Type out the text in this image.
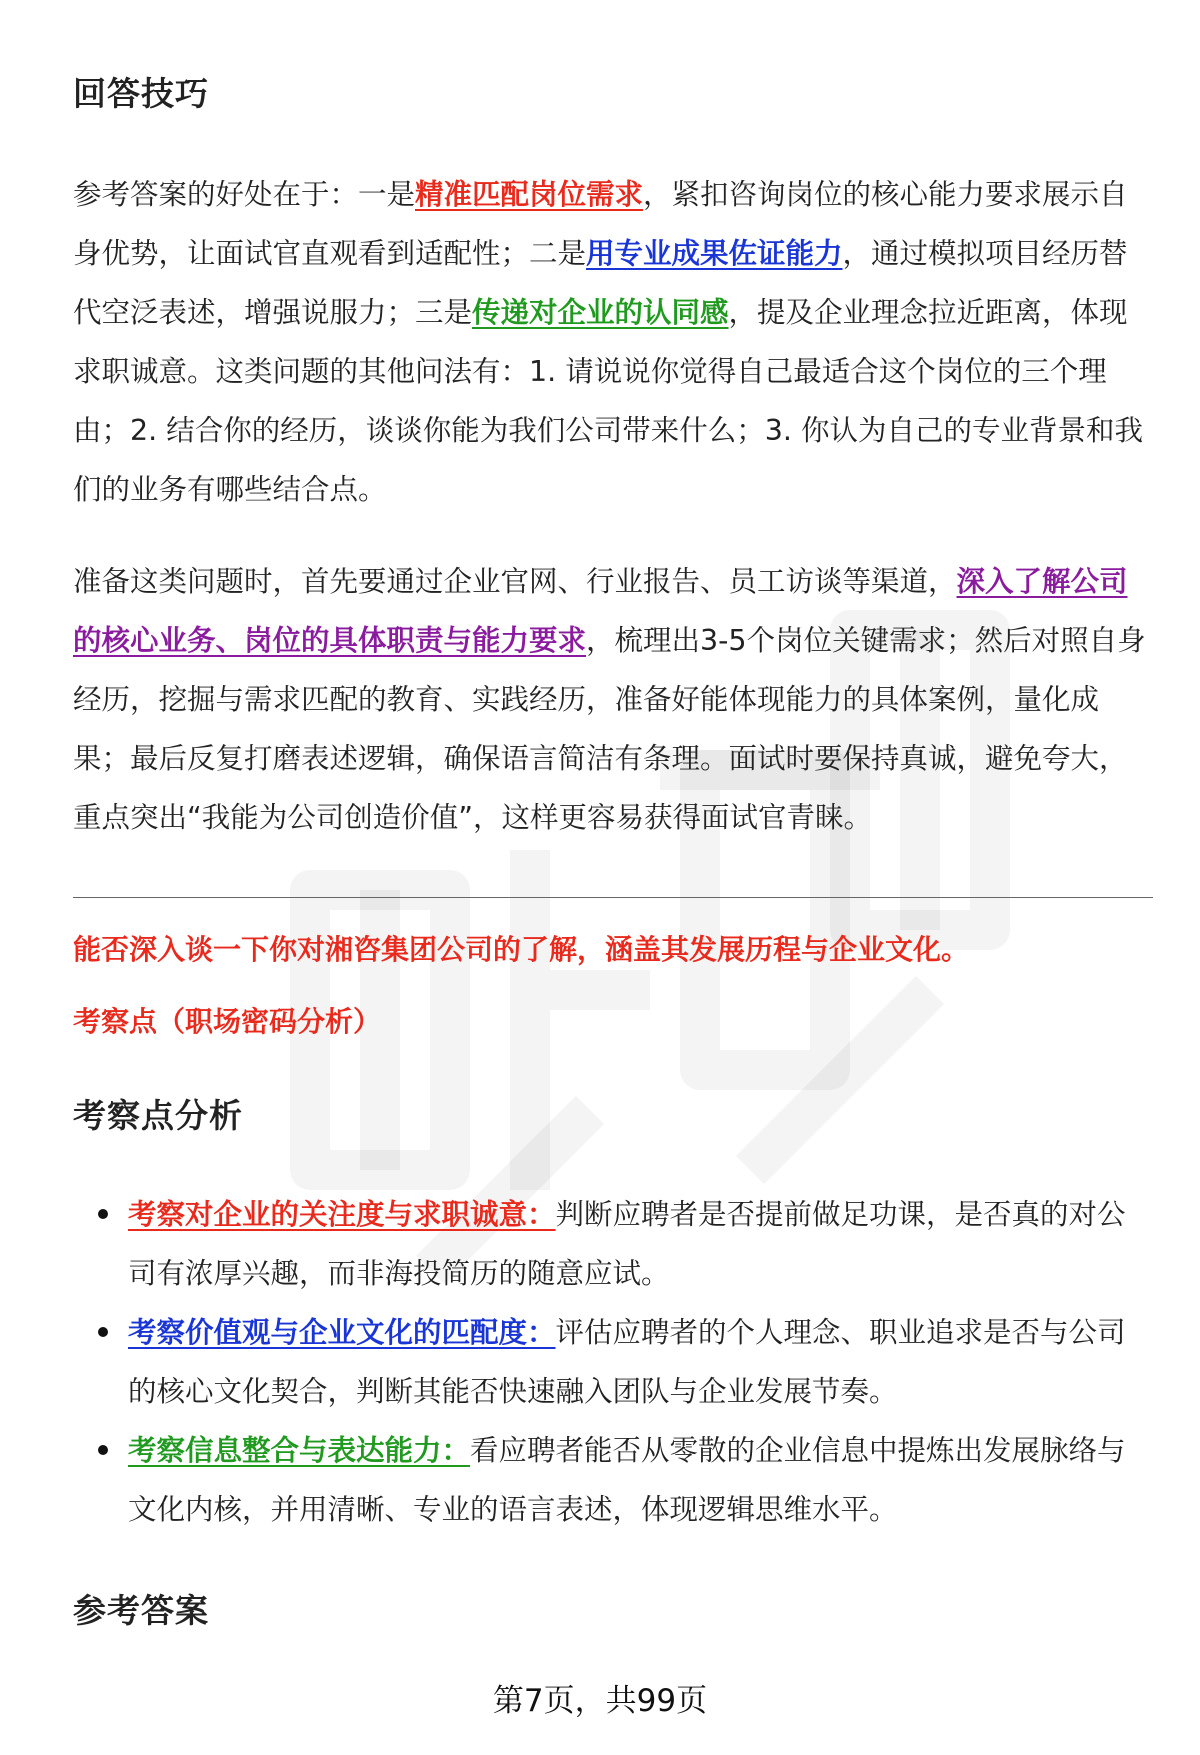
回答技巧

参考答案的好处在于：一是精准匹配岗位需求，紧扣咨询岗位的核心能力要求展示自身优势，让面试官直观看到适配性；二是用专业成果佐证能力，通过模拟项目经历替代空泛表述，增强说服力；三是传递对企业的认同感，提及企业理念拉近距离，体现求职诚意。这类问题的其他问法有：1. 请说说你觉得自己最适合这个岗位的三个理由；2. 结合你的经历，谈谈你能为我们公司带来什么；3. 你认为自己的专业背景和我们的业务有哪些结合点。

准备这类问题时，首先要通过企业官网、行业报告、员工访谈等渠道，深入了解公司的核心业务、岗位的具体职责与能力要求，梳理出3-5个岗位关键需求；然后对照自身经历，挖掘与需求匹配的教育、实践经历，准备好能体现能力的具体案例，量化成果；最后反复打磨表述逻辑，确保语言简洁有条理。面试时要保持真诚，避免夸大，重点突出“我能为公司创造价值”，这样更容易获得面试官青睐。

能否深入谈一下你对湘咨集团公司的了解，涵盖其发展历程与企业文化。

考察点（职场密码分析）

考察点分析
考察对企业的关注度与求职诚意：判断应聘者是否提前做足功课，是否真的对公司有浓厚兴趣，而非海投简历的随意应试。
考察价值观与企业文化的匹配度：评估应聘者的个人理念、职业追求是否与公司的核心文化契合，判断其能否快速融入团队与企业发展节奏。
考察信息整合与表达能力：看应聘者能否从零散的企业信息中提炼出发展脉络与文化内核，并用清晰、专业的语言表述，体现逻辑思维水平。
参考答案
第7页，共99页
